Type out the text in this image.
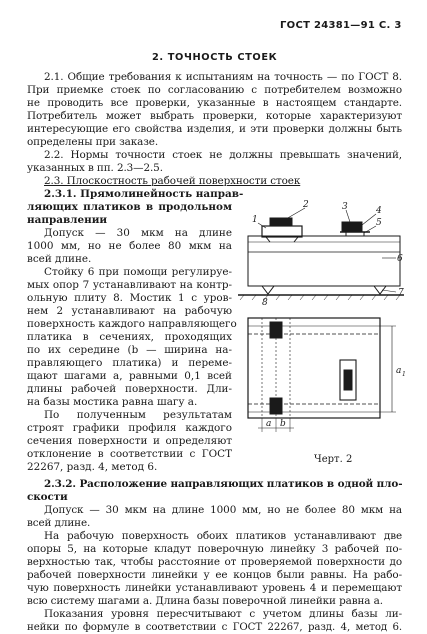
ГОСТ 24381—91 С. 3
2. ТОЧНОСТЬ СТОЕК
2.1. Общие требования к испытаниям на точность — по ГОСТ 8.
При приемке стоек по согласованию с потребителем возможно
не проводить все проверки, указанные в настоящем стандарте.
Потребитель может выбрать проверки, которые характеризуют
интересующие его свойства изделия, и эти проверки должны быть
определены при заказе.
2.2. Нормы точности стоек не должны превышать значений,
указанных в пп. 2.3—2.5.
2.3. Плоскостность рабочей поверхности стоек
2.3.1. Прямолинейность направ-
ляющих платиков в продольном
направлении
Допуск — 30 мкм на длине
1000 мм, но не более 80 мкм на
всей длине.
Стойку 6 при помощи регулируе-
мых опор 7 устанавливают на контр-
ольную плиту 8. Мостик 1 с уров-
нем 2 устанавливают на рабочую
поверхность каждого направляющего
платика в сечениях, проходящих
по их середине (b — ширина на-
правляющего платика) и переме-
щают шагами a, равными 0,1 всей
длины рабочей поверхности. Дли-
на базы мостика равна шагу a.
По полученным результатам
строят графики профиля каждого
сечения поверхности и определяют
отклонение в соответствии с ГОСТ
22267, разд. 4, метод 6.
1
2	3	4
5
6
7
8
a 1
a b
Черт. 2
2.3.2. Расположение направляющих платиков в одной пло-
скости
Допуск — 30 мкм на длине 1000 мм, но не более 80 мкм на
всей длине.
На рабочую поверхность обоих платиков устанавливают две
опоры 5, на которые кладут поверочную линейку 3 рабочей по-
верхностью так, чтобы расстояние от проверяемой поверхности до
рабочей поверхности линейки у ее концов были равны. На рабо-
чую поверхность линейки устанавливают уровень 4 и перемещают
всю систему шагами a. Длина базы поверочной линейки равна a.
Показания уровня пересчитывают с учетом длины базы ли-
нейки по формуле в соответствии с ГОСТ 22267, разд. 4, метод 6.
